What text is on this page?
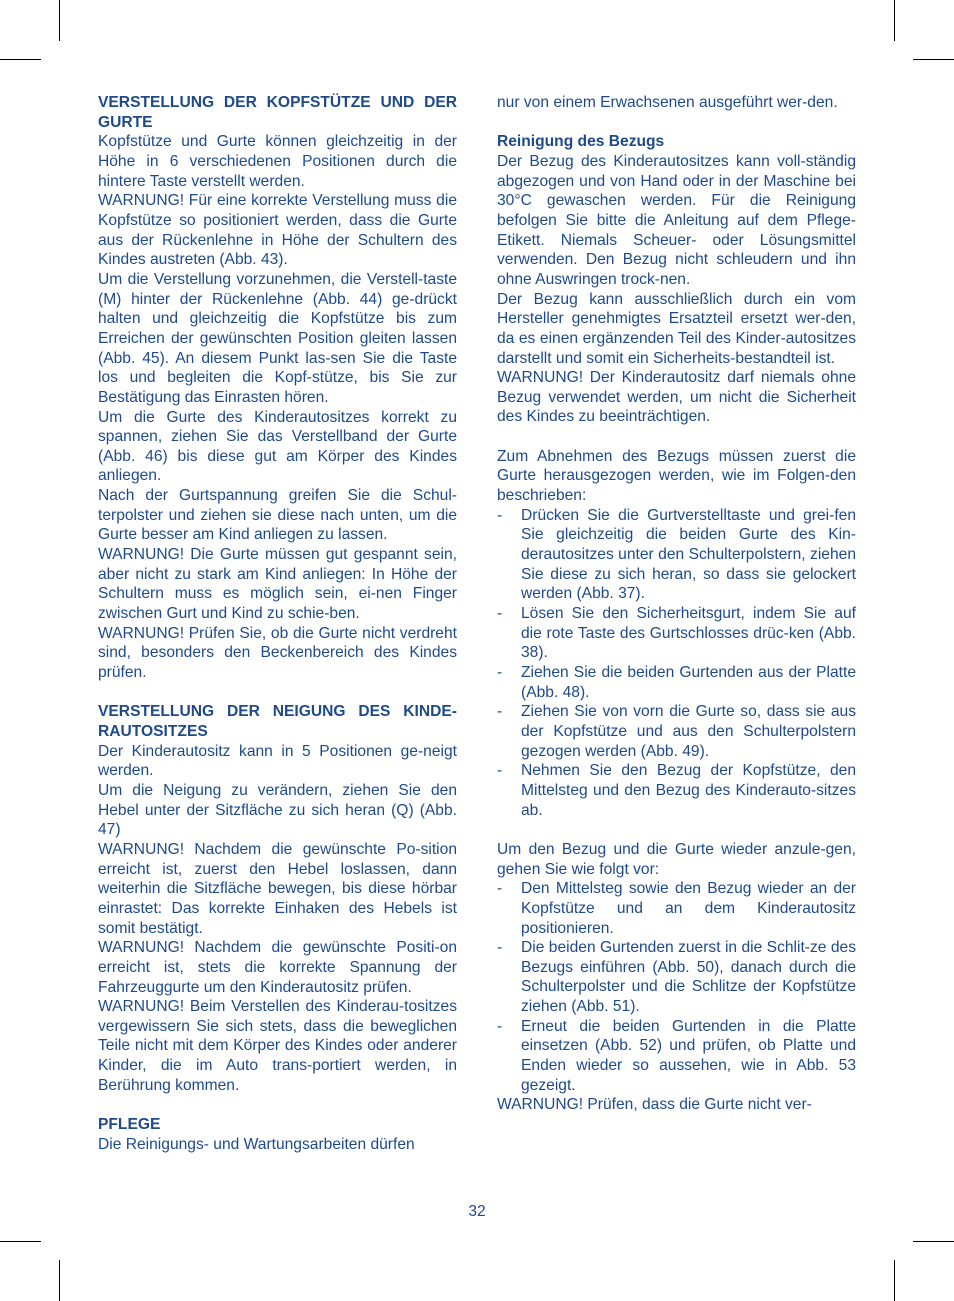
VERSTELLUNG DER KOPFSTÜTZE UND DER GURTE

Kopfstütze und Gurte können gleichzeitig in der Höhe in 6 verschiedenen Positionen durch die hintere Taste verstellt werden.

WARNUNG! Für eine korrekte Verstellung muss die Kopfstütze so positioniert werden, dass die Gurte aus der Rückenlehne in Höhe der Schultern des Kindes austreten (Abb. 43).

Um die Verstellung vorzunehmen, die Verstell-taste (M) hinter der Rückenlehne (Abb. 44) ge-drückt halten und gleichzeitig die Kopfstütze bis zum Erreichen der gewünschten Position gleiten lassen (Abb. 45). An diesem Punkt las-sen Sie die Taste los und begleiten die Kopf-stütze, bis Sie zur Bestätigung das Einrasten hören.

Um die Gurte des Kinderautositzes korrekt zu spannen, ziehen Sie das Verstellband der Gurte (Abb. 46) bis diese gut am Körper des Kindes anliegen.

Nach der Gurtspannung greifen Sie die Schul-terpolster und ziehen sie diese nach unten, um die Gurte besser am Kind anliegen zu lassen.

WARNUNG! Die Gurte müssen gut gespannt sein, aber nicht zu stark am Kind anliegen: In Höhe der Schultern muss es möglich sein, ei-nen Finger zwischen Gurt und Kind zu schie-ben.

WARNUNG! Prüfen Sie, ob die Gurte nicht verdreht sind, besonders den Beckenbereich des Kindes prüfen.

VERSTELLUNG DER NEIGUNG DES KINDE-RAUTOSITZES

Der Kinderautositz kann in 5 Positionen ge-neigt werden.

Um die Neigung zu verändern, ziehen Sie den Hebel unter der Sitzfläche zu sich heran (Q) (Abb. 47)

WARNUNG! Nachdem die gewünschte Po-sition erreicht ist, zuerst den Hebel loslassen, dann weiterhin die Sitzfläche bewegen, bis diese hörbar einrastet: Das korrekte Einhaken des Hebels ist somit bestätigt.

WARNUNG! Nachdem die gewünschte Positi-on erreicht ist, stets die korrekte Spannung der Fahrzeuggurte um den Kinderautositz prüfen.

WARNUNG! Beim Verstellen des Kinderau-tositzes vergewissern Sie sich stets, dass die beweglichen Teile nicht mit dem Körper des Kindes oder anderer Kinder, die im Auto trans-portiert werden, in Berührung kommen.

PFLEGE

Die Reinigungs- und Wartungsarbeiten dürfen

nur von einem Erwachsenen ausgeführt wer-den.

Reinigung des Bezugs

Der Bezug des Kinderautositzes kann voll-ständig abgezogen und von Hand oder in der Maschine bei 30°C gewaschen werden. Für die Reinigung befolgen Sie bitte die Anleitung auf dem Pflege-Etikett. Niemals Scheuer- oder Lösungsmittel verwenden. Den Bezug nicht schleudern und ihn ohne Auswringen trock-nen.

Der Bezug kann ausschließlich durch ein vom Hersteller genehmigtes Ersatzteil ersetzt wer-den, da es einen ergänzenden Teil des Kinder-autositzes darstellt und somit ein Sicherheits-bestandteil ist.

WARNUNG! Der Kinderautositz darf niemals ohne Bezug verwendet werden, um nicht die Sicherheit des Kindes zu beeinträchtigen.

Zum Abnehmen des Bezugs müssen zuerst die Gurte herausgezogen werden, wie im Folgen-den beschrieben:

-	Drücken Sie die Gurtverstelltaste und grei-fen Sie gleichzeitig die beiden Gurte des Kin-derautositzes unter den Schulterpolstern, ziehen Sie diese zu sich heran, so dass sie gelockert werden (Abb. 37).
-	Lösen Sie den Sicherheitsgurt, indem Sie auf die rote Taste des Gurtschlosses drüc-ken (Abb. 38).
-	Ziehen Sie die beiden Gurtenden aus der Platte (Abb. 48).
-	Ziehen Sie von vorn die Gurte so, dass sie aus der Kopfstütze und aus den Schulterpolstern gezogen werden (Abb. 49).
-	Nehmen Sie den Bezug der Kopfstütze, den Mittelsteg und den Bezug des Kinderauto-sitzes ab.

Um den Bezug und die Gurte wieder anzule-gen, gehen Sie wie folgt vor:

-	Den Mittelsteg sowie den Bezug wieder an der Kopfstütze und an dem Kinderautositz positionieren.
-	Die beiden Gurtenden zuerst in die Schlit-ze des Bezugs einführen (Abb. 50), danach durch die Schulterpolster und die Schlitze der Kopfstütze ziehen (Abb. 51).
-	Erneut die beiden Gurtenden in die Platte einsetzen (Abb. 52) und prüfen, ob Platte und Enden wieder so aussehen, wie in Abb. 53 gezeigt.

WARNUNG! Prüfen, dass die Gurte nicht ver-

32
